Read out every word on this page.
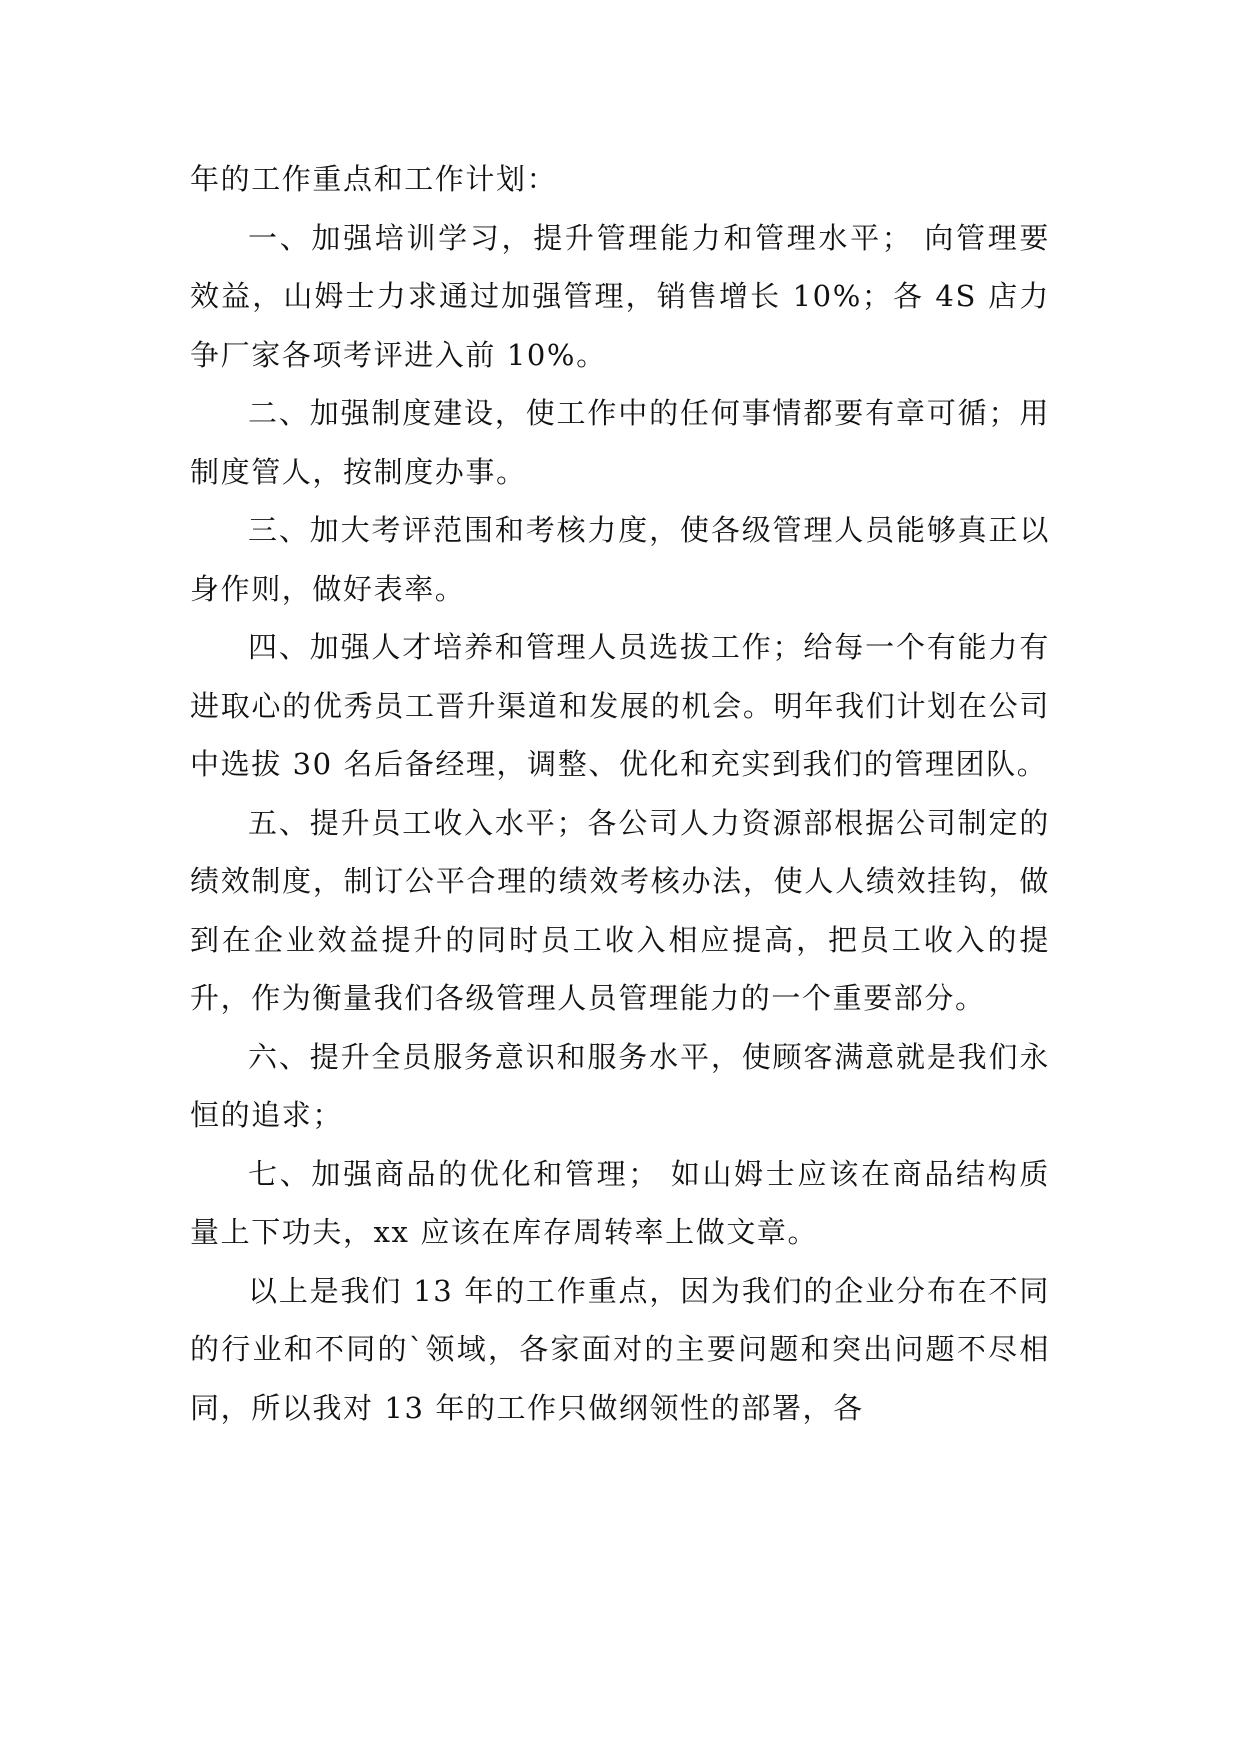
年的工作重点和工作计划：

一、加强培训学习，提升管理能力和管理水平； 向管理要效益，山姆士力求通过加强管理，销售增长 10%；各 4S 店力争厂家各项考评进入前 10%。

二、加强制度建设，使工作中的任何事情都要有章可循；用制度管人，按制度办事。

三、加大考评范围和考核力度，使各级管理人员能够真正以身作则，做好表率。

四、加强人才培养和管理人员选拔工作；给每一个有能力有进取心的优秀员工晋升渠道和发展的机会。明年我们计划在公司中选拔 30 名后备经理，调整、优化和充实到我们的管理团队。

五、提升员工收入水平；各公司人力资源部根据公司制定的绩效制度，制订公平合理的绩效考核办法，使人人绩效挂钩，做到在企业效益提升的同时员工收入相应提高，把员工收入的提升，作为衡量我们各级管理人员管理能力的一个重要部分。

六、提升全员服务意识和服务水平，使顾客满意就是我们永恒的追求；

七、加强商品的优化和管理； 如山姆士应该在商品结构质量上下功夫，xx 应该在库存周转率上做文章。

以上是我们 13 年的工作重点，因为我们的企业分布在不同的行业和不同的`领域，各家面对的主要问题和突出问题不尽相同，所以我对 13 年的工作只做纲领性的部署，各
